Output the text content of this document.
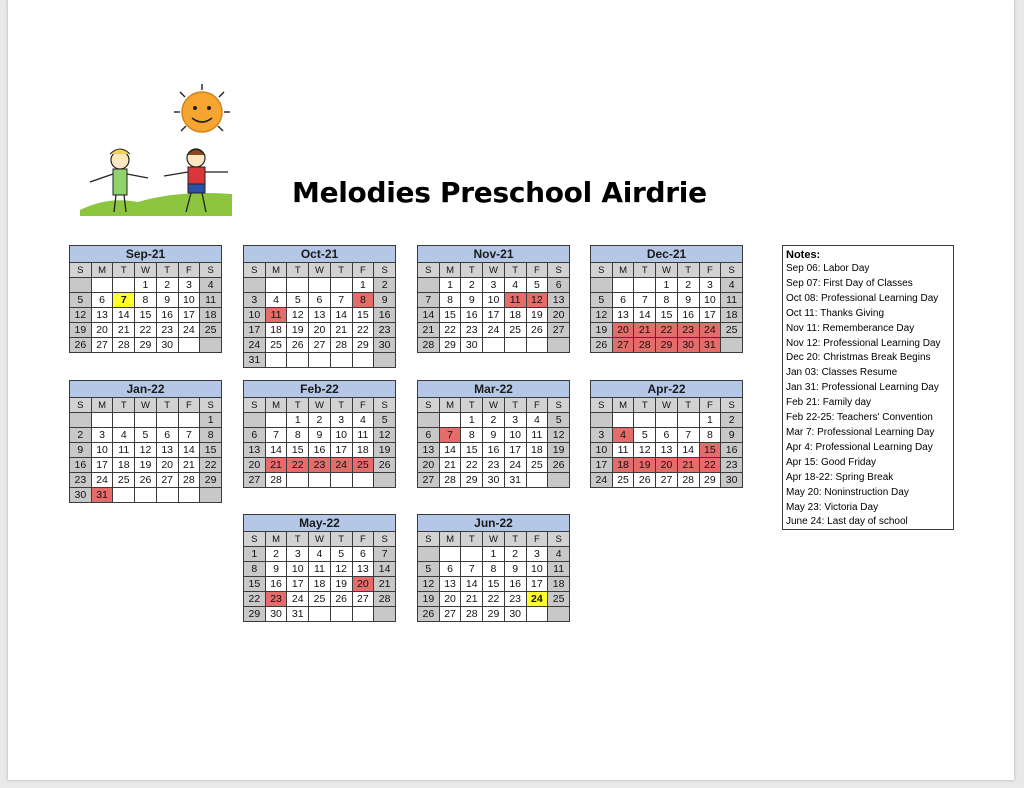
Melodies Preschool Airdrie
Sep-21						
S	M	T	W	T	F	S
			1	2	3	4
5	6	7	8	9	10	11
12	13	14	15	16	17	18
19	20	21	22	23	24	25
26	27	28	29	30		
Oct-21						
S	M	T	W	T	F	S
					1	2
3	4	5	6	7	8	9
10	11	12	13	14	15	16
17	18	19	20	21	22	23
24	25	26	27	28	29	30
31						
Nov-21						
S	M	T	W	T	F	S
	1	2	3	4	5	6
7	8	9	10	11	12	13
14	15	16	17	18	19	20
21	22	23	24	25	26	27
28	29	30				
Dec-21						
S	M	T	W	T	F	S
			1	2	3	4
5	6	7	8	9	10	11
12	13	14	15	16	17	18
19	20	21	22	23	24	25
26	27	28	29	30	31	
Jan-22						
S	M	T	W	T	F	S
						1
2	3	4	5	6	7	8
9	10	11	12	13	14	15
16	17	18	19	20	21	22
23	24	25	26	27	28	29
30	31					
Feb-22						
S	M	T	W	T	F	S
		1	2	3	4	5
6	7	8	9	10	11	12
13	14	15	16	17	18	19
20	21	22	23	24	25	26
27	28					
Mar-22						
S	M	T	W	T	F	S
		1	2	3	4	5
6	7	8	9	10	11	12
13	14	15	16	17	18	19
20	21	22	23	24	25	26
27	28	29	30	31		
Apr-22						
S	M	T	W	T	F	S
					1	2
3	4	5	6	7	8	9
10	11	12	13	14	15	16
17	18	19	20	21	22	23
24	25	26	27	28	29	30
May-22						
S	M	T	W	T	F	S
1	2	3	4	5	6	7
8	9	10	11	12	13	14
15	16	17	18	19	20	21
22	23	24	25	26	27	28
29	30	31				
Jun-22						
S	M	T	W	T	F	S
			1	2	3	4
5	6	7	8	9	10	11
12	13	14	15	16	17	18
19	20	21	22	23	24	25
26	27	28	29	30		
Notes:
Sep 06: Labor Day
Sep 07: First Day of Classes
Oct 08: Professional Learning Day
Oct 11: Thanks Giving
Nov 11: Rememberance Day
Nov 12: Professional Learning Day
Dec 20: Christmas Break Begins
Jan 03: Classes Resume
Jan 31: Professional Learning Day
Feb 21: Family day
Feb 22-25: Teachers' Convention
Mar 7: Professional Learning Day
Apr 4: Professional Learning Day
Apr 15: Good Friday
Apr 18-22: Spring Break
May 20: Noninstruction Day
May 23: Victoria Day
June 24: Last day of school
